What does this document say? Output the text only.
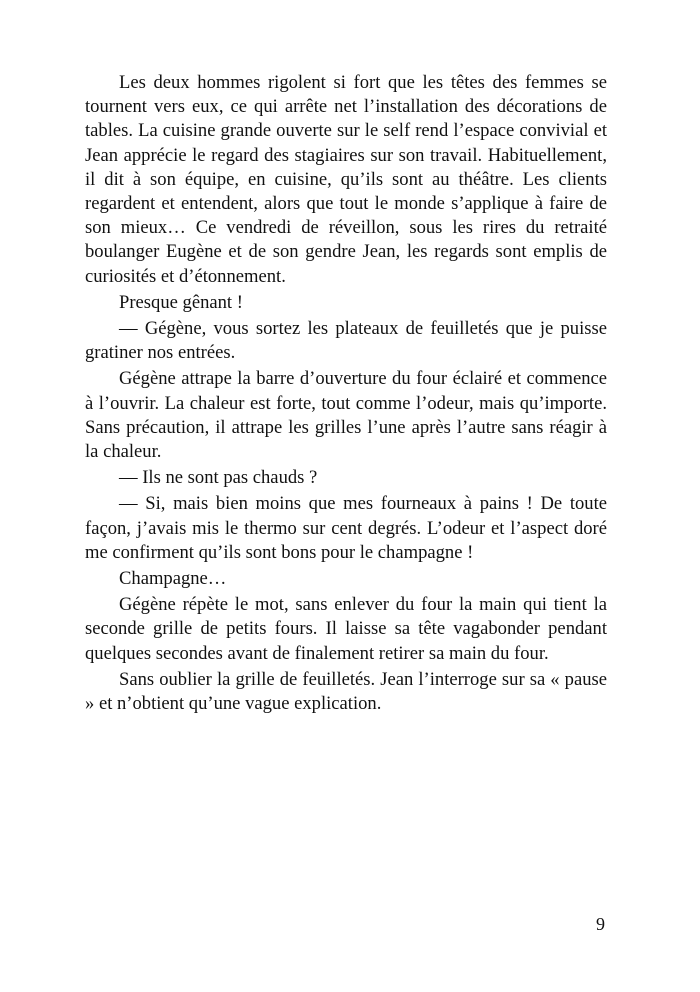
Les deux hommes rigolent si fort que les têtes des femmes se tournent vers eux, ce qui arrête net l’installation des décorations de tables. La cuisine grande ouverte sur le self rend l’espace convivial et Jean apprécie le regard des stagiaires sur son travail. Habituellement, il dit à son équipe, en cuisine, qu’ils sont au théâtre. Les clients regardent et entendent, alors que tout le monde s’applique à faire de son mieux… Ce vendredi de réveillon, sous les rires du retraité boulanger Eugène et de son gendre Jean, les regards sont emplis de curiosités et d’étonnement.

Presque gênant !

— Gégène, vous sortez les plateaux de feuilletés que je puisse gratiner nos entrées.

Gégène attrape la barre d’ouverture du four éclairé et commence à l’ouvrir. La chaleur est forte, tout comme l’odeur, mais qu’importe. Sans précaution, il attrape les grilles l’une après l’autre sans réagir à la chaleur.

— Ils ne sont pas chauds ?

— Si, mais bien moins que mes fourneaux à pains ! De toute façon, j’avais mis le thermo sur cent degrés. L’odeur et l’aspect doré me confirment qu’ils sont bons pour le champagne !

Champagne…

Gégène répète le mot, sans enlever du four la main qui tient la seconde grille de petits fours. Il laisse sa tête vagabonder pendant quelques secondes avant de finalement retirer sa main du four.

Sans oublier la grille de feuilletés. Jean l’interroge sur sa « pause » et n’obtient qu’une vague explication.

9
